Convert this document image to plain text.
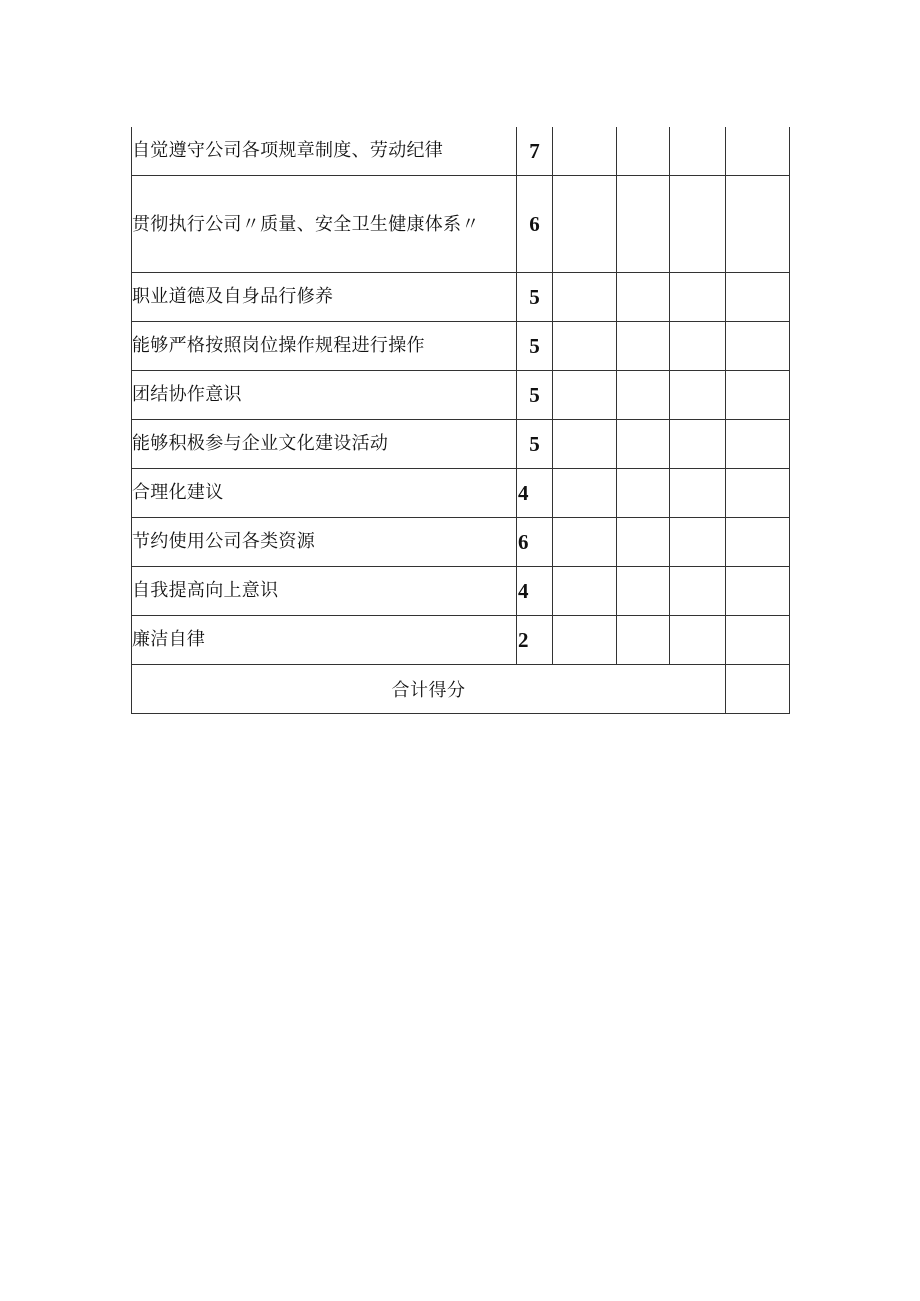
自觉遵守公司各项规章制度、劳动纪律	7				
贯彻执行公司〃质量、安全卫生健康体系〃	6				
职业道德及自身品行修养	5				
能够严格按照岗位操作规程进行操作	5				
团结协作意识	5				
能够积极参与企业文化建设活动	5				
合理化建议	4				
节约使用公司各类资源	6				
自我提高向上意识	4				
廉洁自律	2				
合计得分					
